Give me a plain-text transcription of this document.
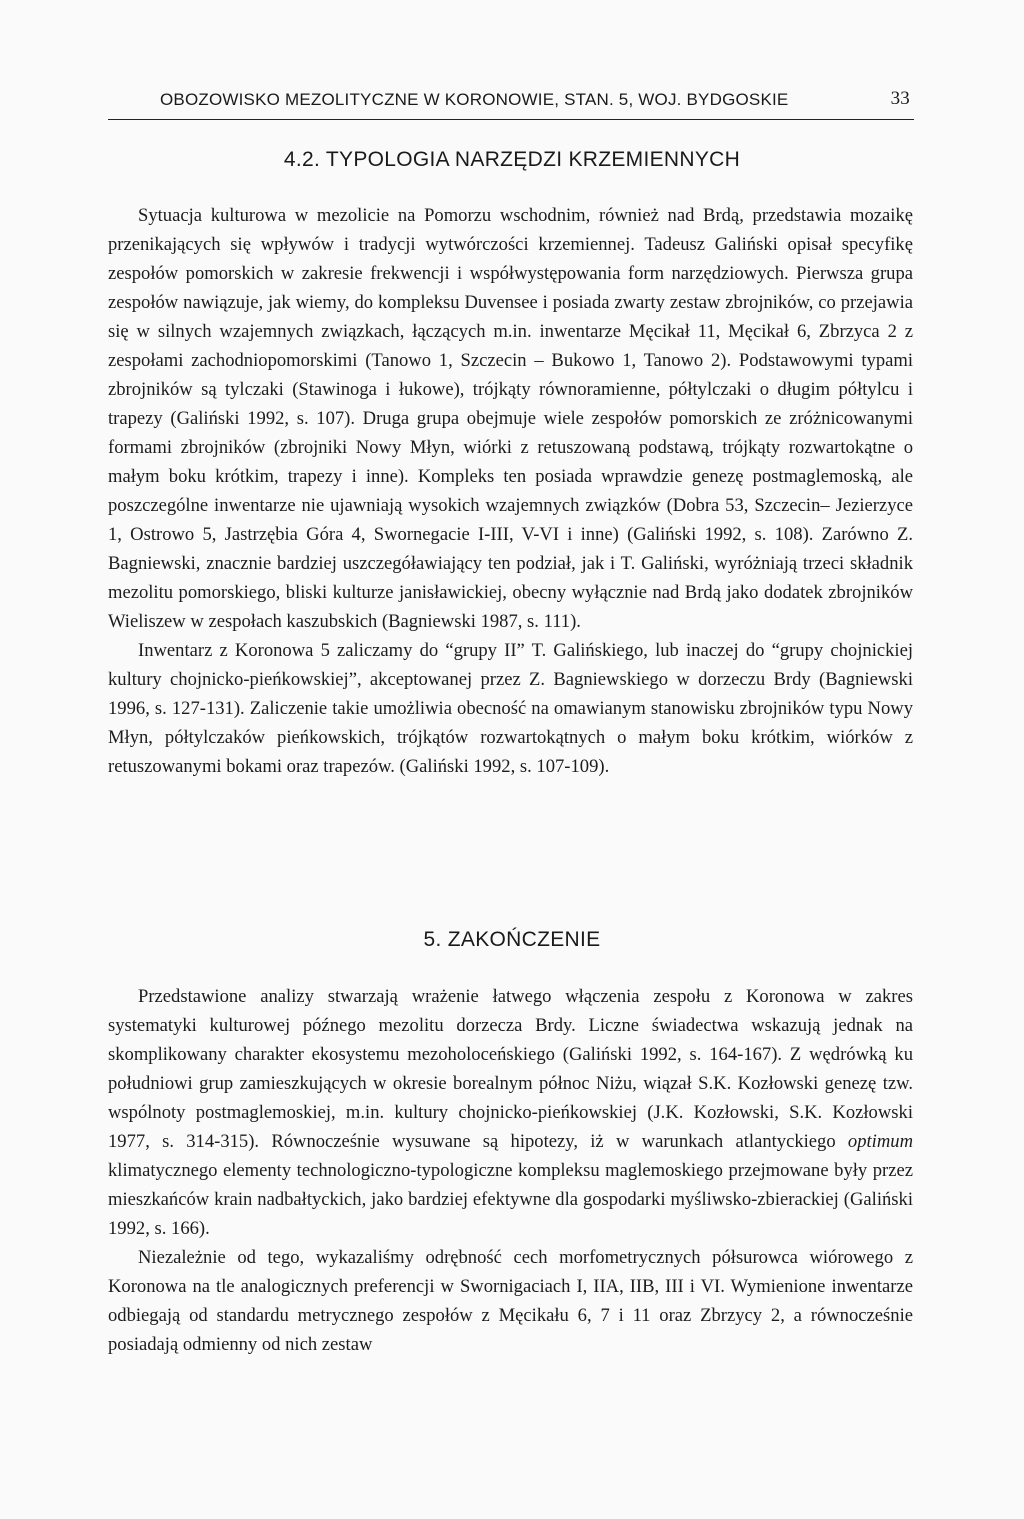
OBOZOWISKO MEZOLITYCZNE W KORONOWIE, STAN. 5, WOJ. BYDGOSKIE	33
4.2. TYPOLOGIA NARZĘDZI KRZEMIENNYCH

Sytuacja kulturowa w mezolicie na Pomorzu wschodnim, również nad Brdą, przedstawia mozaikę przenikających się wpływów i tradycji wytwórczości krzemiennej. Tadeusz Galiński opisał specyfikę zespołów pomorskich w zakresie frekwencji i współwystępowania form narzędziowych. Pierwsza grupa zespołów nawiązuje, jak wiemy, do kompleksu Duvensee i posiada zwarty zestaw zbrojników, co przejawia się w silnych wzajemnych związkach, łączących m.in. inwentarze Męcikał 11, Męcikał 6, Zbrzyca 2 z zespołami zachodniopomorskimi (Tanowo 1, Szczecin – Bukowo 1, Tanowo 2). Podstawowymi typami zbrojników są tylczaki (Stawinoga i łukowe), trójkąty równoramienne, półtylczaki o długim półtylcu i trapezy (Galiński 1992, s. 107). Druga grupa obejmuje wiele zespołów pomorskich ze zróżnicowanymi formami zbrojników (zbrojniki Nowy Młyn, wiórki z retuszowaną podstawą, trójkąty rozwartokątne o małym boku krótkim, trapezy i inne). Kompleks ten posiada wprawdzie genezę postmaglemoską, ale poszczególne inwentarze nie ujawniają wysokich wzajemnych związków (Dobra 53, Szczecin– Jezierzyce 1, Ostrowo 5, Jastrzębia Góra 4, Swornegacie I-III, V-VI i inne) (Galiński 1992, s. 108). Zarówno Z. Bagniewski, znacznie bardziej uszczegóławiający ten podział, jak i T. Galiński, wyróżniają trzeci składnik mezolitu pomorskiego, bliski kulturze janisławickiej, obecny wyłącznie nad Brdą jako dodatek zbrojników Wieliszew w zespołach kaszubskich (Bagniewski 1987, s. 111).

Inwentarz z Koronowa 5 zaliczamy do “grupy II” T. Galińskiego, lub inaczej do “grupy chojnickiej kultury chojnicko-pieńkowskiej”, akceptowanej przez Z. Bagniewskiego w dorzeczu Brdy (Bagniewski 1996, s. 127-131). Zaliczenie takie umożliwia obecność na omawianym stanowisku zbrojników typu Nowy Młyn, półtylczaków pieńkowskich, trójkątów rozwartokątnych o małym boku krótkim, wiórków z retuszowanymi bokami oraz trapezów. (Galiński 1992, s. 107-109).

5. ZAKOŃCZENIE

Przedstawione analizy stwarzają wrażenie łatwego włączenia zespołu z Koronowa w zakres systematyki kulturowej późnego mezolitu dorzecza Brdy. Liczne świadectwa wskazują jednak na skomplikowany charakter ekosystemu mezoholoceńskiego (Galiński 1992, s. 164-167). Z wędrówką ku południowi grup zamieszkujących w okresie borealnym północ Niżu, wiązał S.K. Kozłowski genezę tzw. wspólnoty postmaglemoskiej, m.in. kultury chojnicko-pieńkowskiej (J.K. Kozłowski, S.K. Kozłowski 1977, s. 314-315). Równocześnie wysuwane są hipotezy, iż w warunkach atlantyckiego optimum klimatycznego elementy technologiczno-typologiczne kompleksu maglemoskiego przejmowane były przez mieszkańców krain nadbałtyckich, jako bardziej efektywne dla gospodarki myśliwsko-zbierackiej (Galiński 1992, s. 166).

Niezależnie od tego, wykazaliśmy odrębność cech morfometrycznych półsurowca wiórowego z Koronowa na tle analogicznych preferencji w Swornigaciach I, IIA, IIB, III i VI. Wymienione inwentarze odbiegają od standardu metrycznego zespołów z Męcikału 6, 7 i 11 oraz Zbrzycy 2, a równocześnie posiadają odmienny od nich zestaw
